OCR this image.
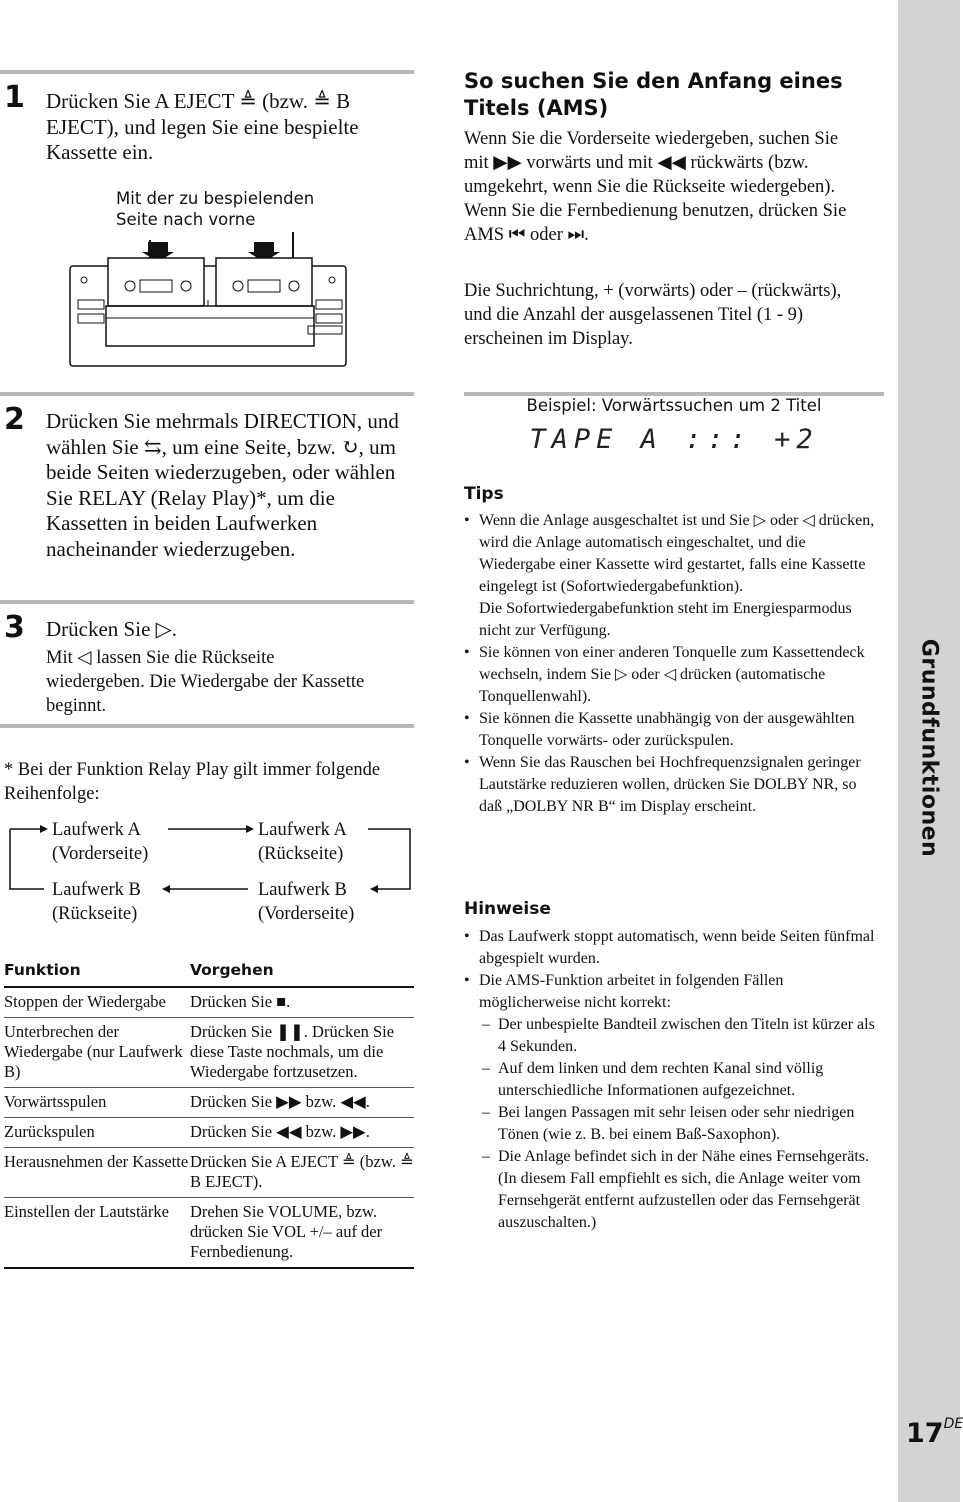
Grundfunktionen
1 Drücken Sie A EJECT ≜ (bzw. ≜ B EJECT), und legen Sie eine bespielte Kassette ein.
Mit der zu bespielenden Seite nach vorne
2 Drücken Sie mehrmals DIRECTION, und wählen Sie ⇆, um eine Seite, bzw. ↻, um beide Seiten wiederzugeben, oder wählen Sie RELAY (Relay Play)*, um die Kassetten in beiden Laufwerken nacheinander wiederzugeben.
3 Drücken Sie ▷.
Mit ◁ lassen Sie die Rückseite wiedergeben. Die Wiedergabe der Kassette beginnt.
* Bei der Funktion Relay Play gilt immer folgende Reihenfolge:
Laufwerk A
(Vorderseite)
Laufwerk A
(Rückseite)
Laufwerk B
(Rückseite)
Laufwerk B
(Vorderseite)
Funktion	Vorgehen
Stoppen der Wiedergabe	Drücken Sie ■.
Unterbrechen der Wiedergabe (nur Laufwerk B)	Drücken Sie ❚❚. Drücken Sie diese Taste nochmals, um die Wiedergabe fortzusetzen.
Vorwärtsspulen	Drücken Sie ▶▶ bzw. ◀◀.
Zurückspulen	Drücken Sie ◀◀ bzw. ▶▶.
Herausnehmen der Kassette	Drücken Sie A EJECT ≜ (bzw. ≜ B EJECT).
Einstellen der Lautstärke	Drehen Sie VOLUME, bzw. drücken Sie VOL +/– auf der Fernbedienung.
So suchen Sie den Anfang eines Titels (AMS)

Wenn Sie die Vorderseite wiedergeben, suchen Sie mit ▶▶ vorwärts und mit ◀◀ rückwärts (bzw. umgekehrt, wenn Sie die Rückseite wiedergeben). Wenn Sie die Fernbedienung benutzen, drücken Sie AMS ⏮ oder ⏭.

Die Suchrichtung, + (vorwärts) oder – (rückwärts), und die Anzahl der ausgelassenen Titel (1 - 9) erscheinen im Display.

Beispiel: Vorwärtssuchen um 2 Titel
TAPE A ::: +2
Tips
• Wenn die Anlage ausgeschaltet ist und Sie ▷ oder ◁ drücken, wird die Anlage automatisch eingeschaltet, und die Wiedergabe einer Kassette wird gestartet, falls eine Kassette eingelegt ist (Sofortwiedergabefunktion).
Die Sofortwiedergabefunktion steht im Energiesparmodus nicht zur Verfügung.
• Sie können von einer anderen Tonquelle zum Kassettendeck wechseln, indem Sie ▷ oder ◁ drücken (automatische Tonquellenwahl).
• Sie können die Kassette unabhängig von der ausgewählten Tonquelle vorwärts- oder zurückspulen.
• Wenn Sie das Rauschen bei Hochfrequenzsignalen geringer Lautstärke reduzieren wollen, drücken Sie DOLBY NR, so daß „DOLBY NR B“ im Display erscheint.
Hinweise
• Das Laufwerk stoppt automatisch, wenn beide Seiten fünfmal abgespielt wurden.
• Die AMS-Funktion arbeitet in folgenden Fällen möglicherweise nicht korrekt:
– Der unbespielte Bandteil zwischen den Titeln ist kürzer als 4 Sekunden.
– Auf dem linken und dem rechten Kanal sind völlig unterschiedliche Informationen aufgezeichnet.
– Bei langen Passagen mit sehr leisen oder sehr niedrigen Tönen (wie z. B. bei einem Baß-Saxophon).
– Die Anlage befindet sich in der Nähe eines Fernsehgeräts. (In diesem Fall empfiehlt es sich, die Anlage weiter vom Fernsehgerät entfernt aufzustellen oder das Fernsehgerät auszuschalten.)
17DE
